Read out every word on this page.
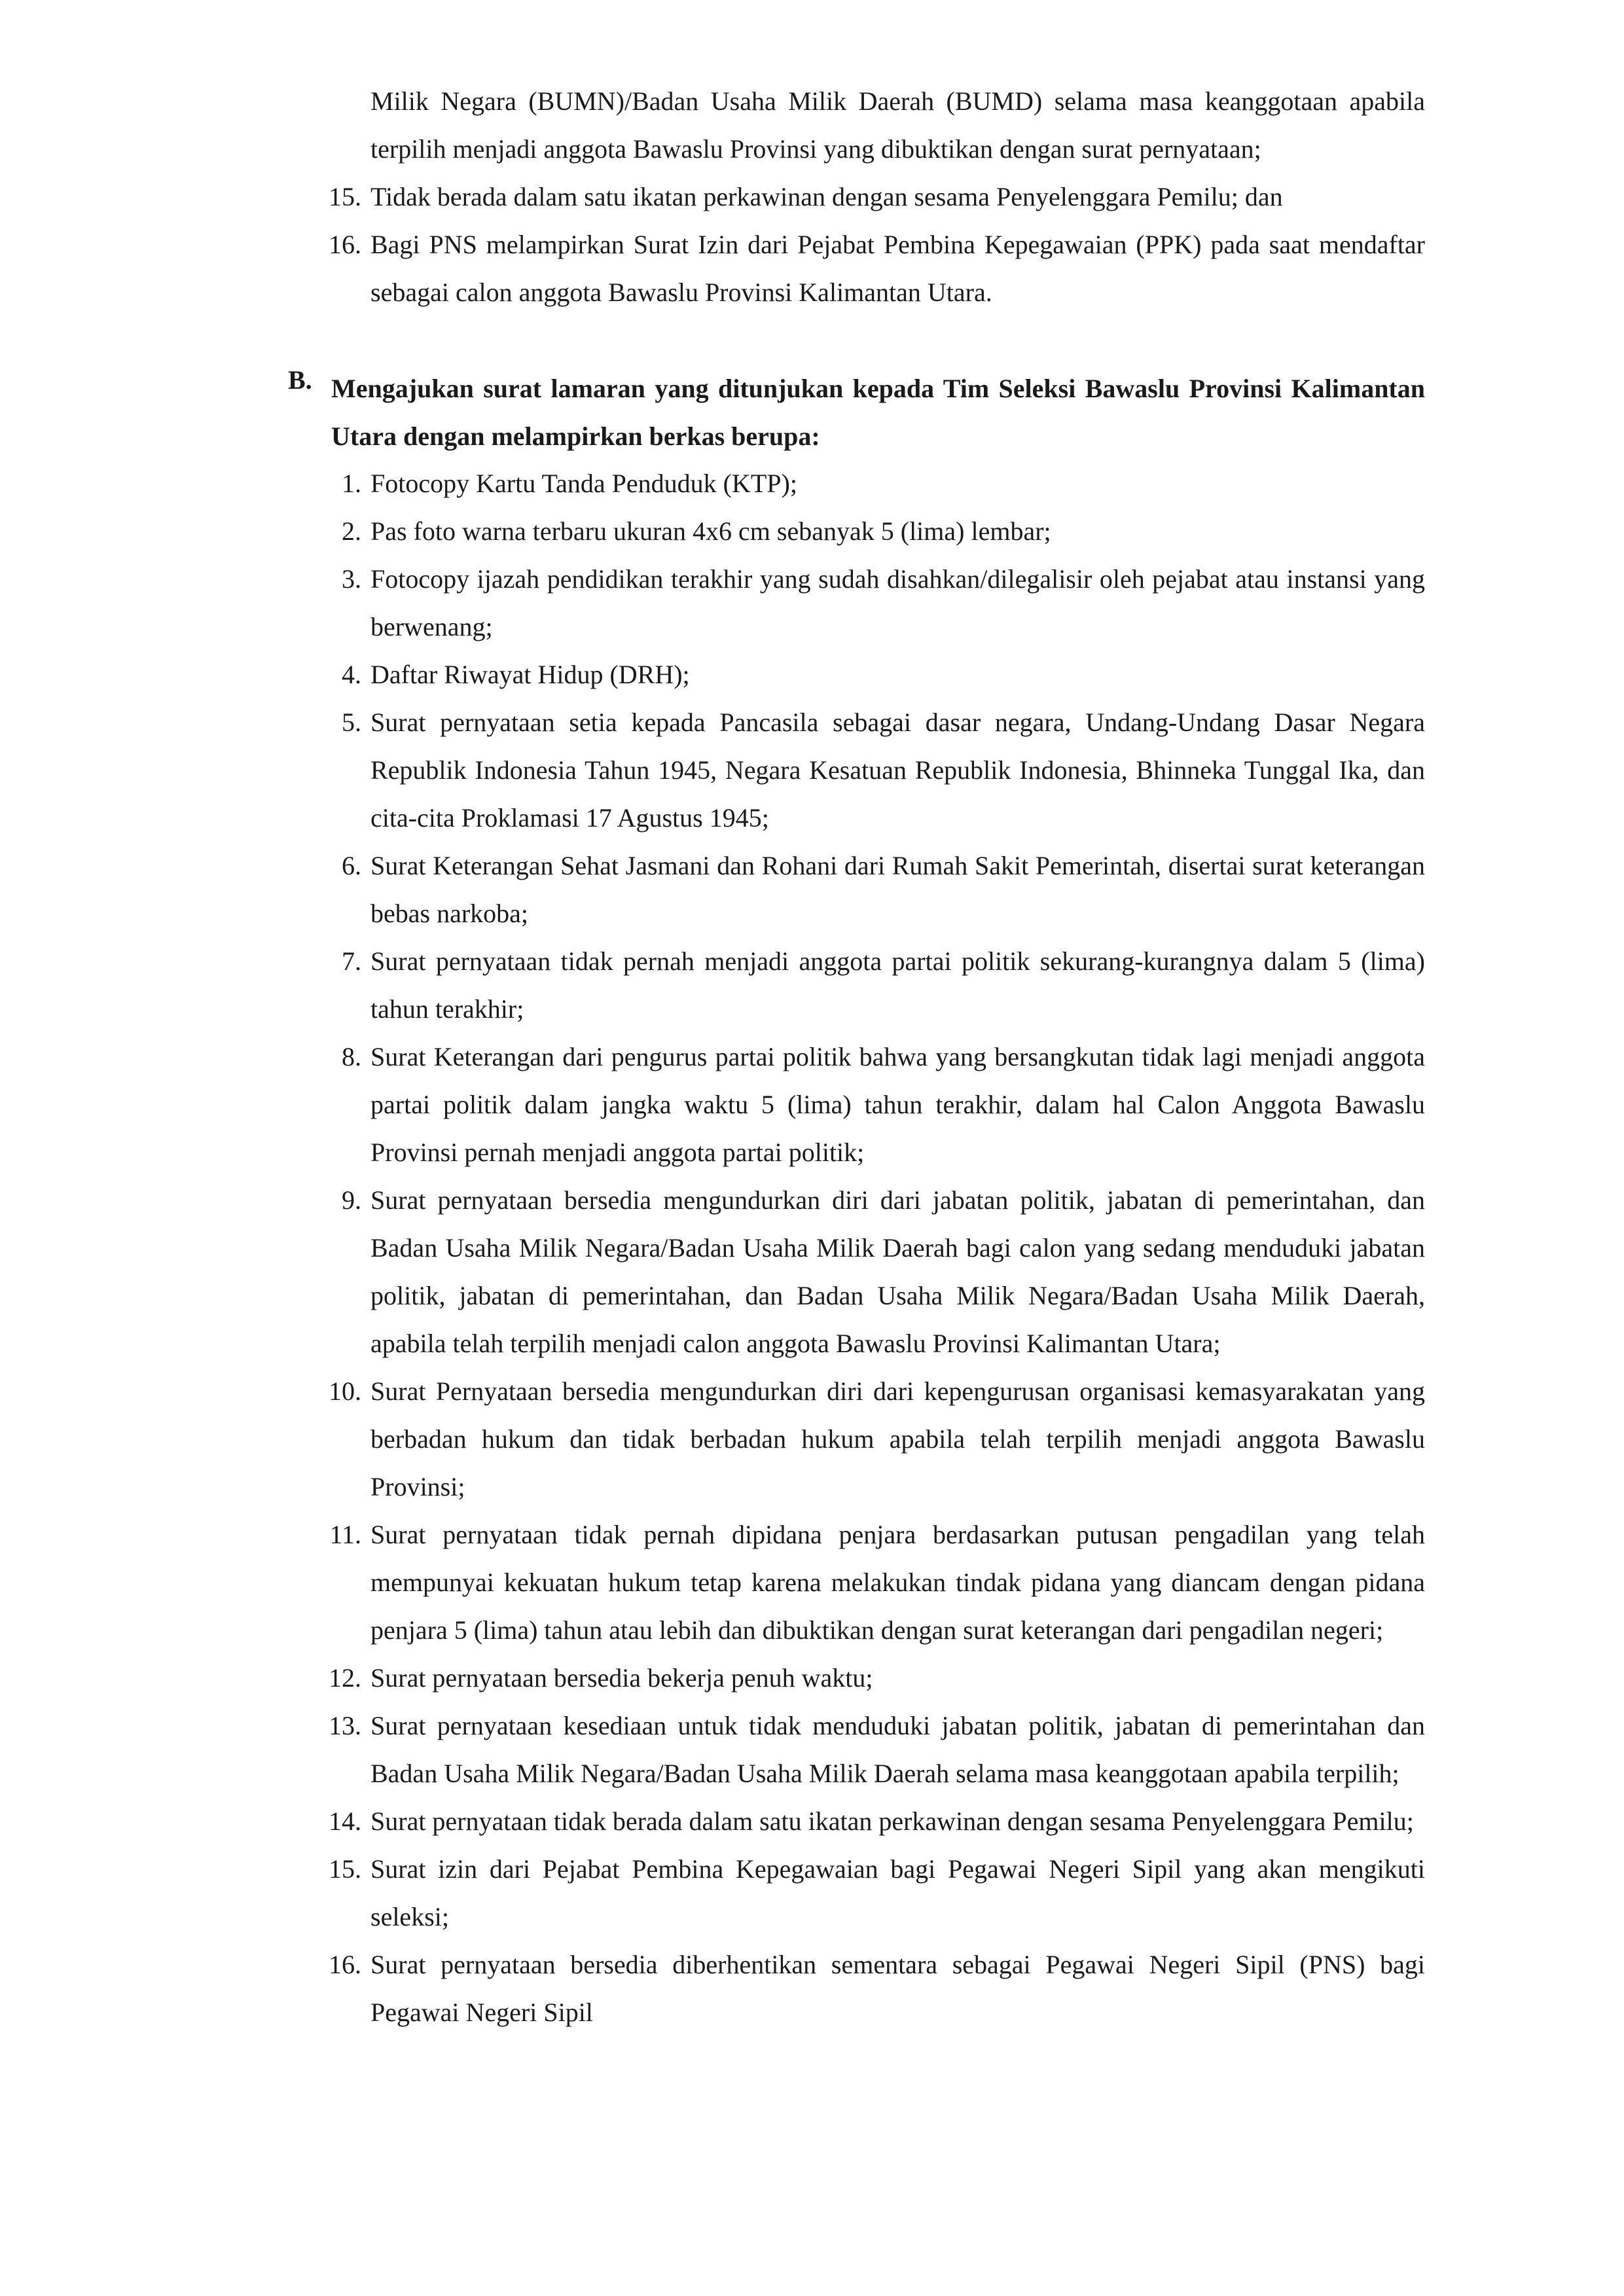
Milik Negara (BUMN)/Badan Usaha Milik Daerah (BUMD) selama masa keanggotaan apabila terpilih menjadi anggota Bawaslu Provinsi yang dibuktikan dengan surat pernyataan;
15. Tidak berada dalam satu ikatan perkawinan dengan sesama Penyelenggara Pemilu; dan
16. Bagi PNS melampirkan Surat Izin dari Pejabat Pembina Kepegawaian (PPK) pada saat mendaftar sebagai calon anggota Bawaslu Provinsi Kalimantan Utara.
B. Mengajukan surat lamaran yang ditunjukan kepada Tim Seleksi Bawaslu Provinsi Kalimantan Utara dengan melampirkan berkas berupa:
1. Fotocopy Kartu Tanda Penduduk (KTP);
2. Pas foto warna terbaru ukuran 4x6 cm sebanyak 5 (lima) lembar;
3. Fotocopy ijazah pendidikan terakhir yang sudah disahkan/dilegalisir oleh pejabat atau instansi yang berwenang;
4. Daftar Riwayat Hidup (DRH);
5. Surat pernyataan setia kepada Pancasila sebagai dasar negara, Undang-Undang Dasar Negara Republik Indonesia Tahun 1945, Negara Kesatuan Republik Indonesia, Bhinneka Tunggal Ika, dan cita-cita Proklamasi 17 Agustus 1945;
6. Surat Keterangan Sehat Jasmani dan Rohani dari Rumah Sakit Pemerintah, disertai surat keterangan bebas narkoba;
7. Surat pernyataan tidak pernah menjadi anggota partai politik sekurang-kurangnya dalam 5 (lima) tahun terakhir;
8. Surat Keterangan dari pengurus partai politik bahwa yang bersangkutan tidak lagi menjadi anggota partai politik dalam jangka waktu 5 (lima) tahun terakhir, dalam hal Calon Anggota Bawaslu Provinsi pernah menjadi anggota partai politik;
9. Surat pernyataan bersedia mengundurkan diri dari jabatan politik, jabatan di pemerintahan, dan Badan Usaha Milik Negara/Badan Usaha Milik Daerah bagi calon yang sedang menduduki jabatan politik, jabatan di pemerintahan, dan Badan Usaha Milik Negara/Badan Usaha Milik Daerah, apabila telah terpilih menjadi calon anggota Bawaslu Provinsi Kalimantan Utara;
10. Surat Pernyataan bersedia mengundurkan diri dari kepengurusan organisasi kemasyarakatan yang berbadan hukum dan tidak berbadan hukum apabila telah terpilih menjadi anggota Bawaslu Provinsi;
11. Surat pernyataan tidak pernah dipidana penjara berdasarkan putusan pengadilan yang telah mempunyai kekuatan hukum tetap karena melakukan tindak pidana yang diancam dengan pidana penjara 5 (lima) tahun atau lebih dan dibuktikan dengan surat keterangan dari pengadilan negeri;
12. Surat pernyataan bersedia bekerja penuh waktu;
13. Surat pernyataan kesediaan untuk tidak menduduki jabatan politik, jabatan di pemerintahan dan Badan Usaha Milik Negara/Badan Usaha Milik Daerah selama masa keanggotaan apabila terpilih;
14. Surat pernyataan tidak berada dalam satu ikatan perkawinan dengan sesama Penyelenggara Pemilu;
15. Surat izin dari Pejabat Pembina Kepegawaian bagi Pegawai Negeri Sipil yang akan mengikuti seleksi;
16. Surat pernyataan bersedia diberhentikan sementara sebagai Pegawai Negeri Sipil (PNS) bagi Pegawai Negeri Sipil
